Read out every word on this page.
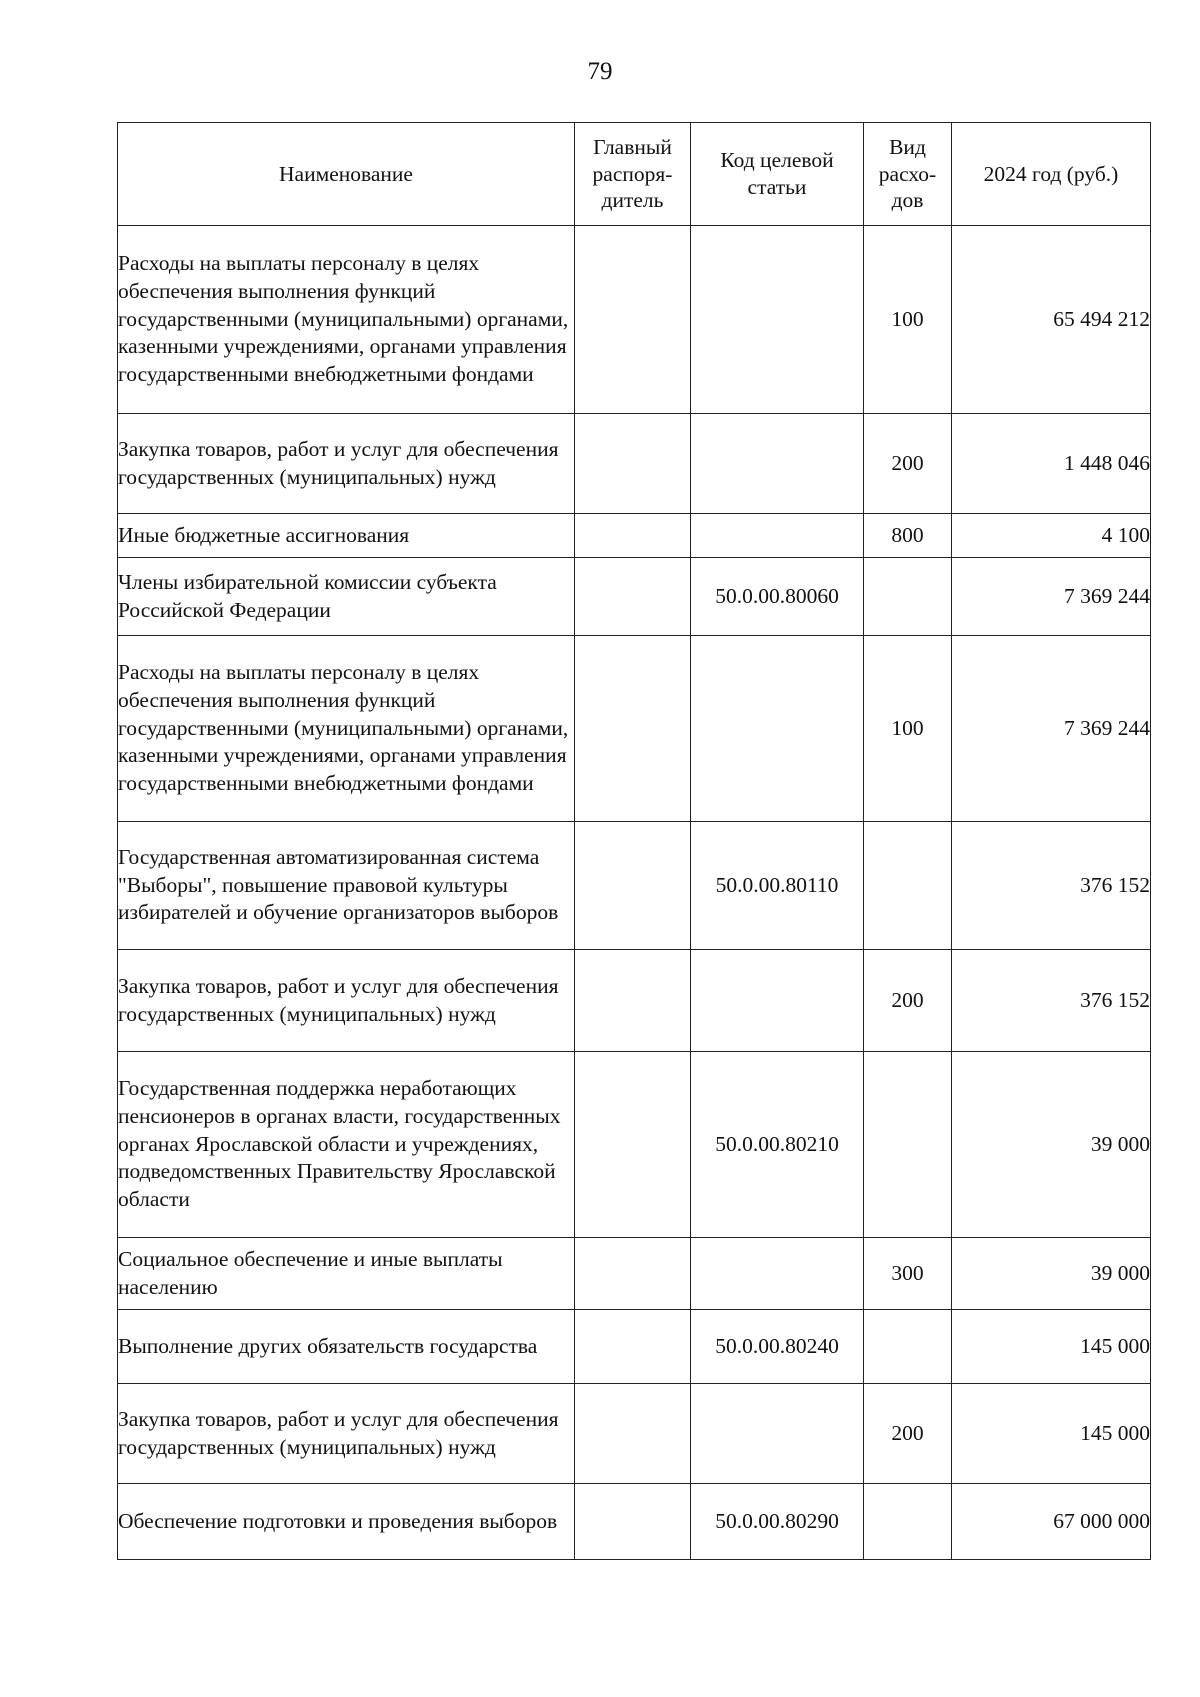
79
Наименование	Главный распоря-дитель	Код целевой статьи	Вид расхо-дов	2024 год (руб.)
Расходы на выплаты персоналу в целях обеспечения выполнения функций государственными (муниципальными) органами, казенными учреждениями, органами управления государственными внебюджетными фондами			100	65 494 212
Закупка товаров, работ и услуг для обеспечения государственных (муниципальных) нужд			200	1 448 046
Иные бюджетные ассигнования			800	4 100
Члены избирательной комиссии субъекта Российской Федерации		50.0.00.80060		7 369 244
Расходы на выплаты персоналу в целях обеспечения выполнения функций государственными (муниципальными) органами, казенными учреждениями, органами управления государственными внебюджетными фондами			100	7 369 244
Государственная автоматизированная система "Выборы", повышение правовой культуры избирателей и обучение организаторов выборов		50.0.00.80110		376 152
Закупка товаров, работ и услуг для обеспечения государственных (муниципальных) нужд			200	376 152
Государственная поддержка неработающих пенсионеров в органах власти, государственных органах Ярославской области и учреждениях, подведомственных Правительству Ярославской области		50.0.00.80210		39 000
Социальное обеспечение и иные выплаты населению			300	39 000
Выполнение других обязательств государства		50.0.00.80240		145 000
Закупка товаров, работ и услуг для обеспечения государственных (муниципальных) нужд			200	145 000
Обеспечение подготовки и проведения выборов		50.0.00.80290		67 000 000
